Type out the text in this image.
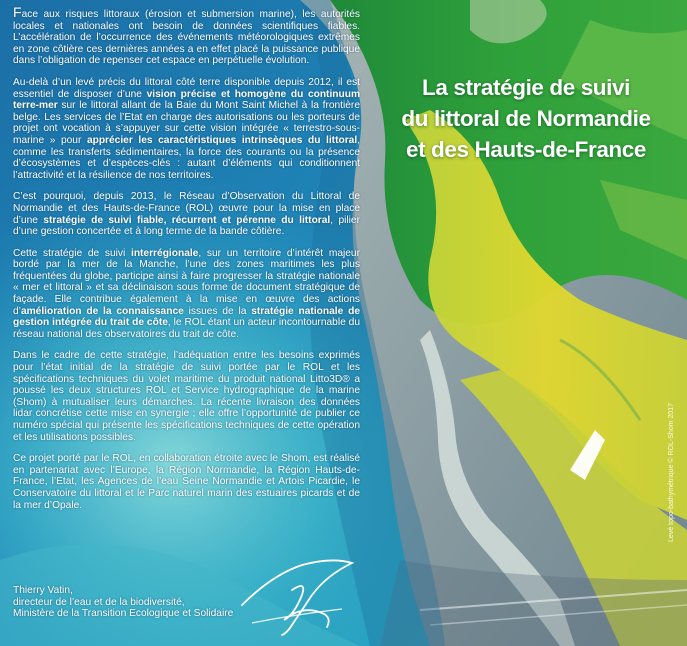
La stratégie de suivi
du littoral de Normandie
et des Hauts-de-France

Face aux risques littoraux (érosion et submersion marine), les autorités locales et nationales ont besoin de données scientifiques fiables. L’accélération de l’occurrence des événements météorologiques extrêmes en zone côtière ces dernières années a en effet placé la puissance publique dans l’obligation de repenser cet espace en perpétuelle évolution.

Au-delà d’un levé précis du littoral côté terre disponible depuis 2012, il est essentiel de disposer d’une vision précise et homogène du continuum terre-mer sur le littoral allant de la Baie du Mont Saint Michel à la frontière belge. Les services de l’Etat en charge des autorisations ou les porteurs de projet ont vocation à s’appuyer sur cette vision intégrée « terrestro-sous-marine » pour apprécier les caractéristiques intrinsèques du littoral, comme les transferts sédimentaires, la force des courants ou la présence d’écosystèmes et d’espèces-clés : autant d’éléments qui conditionnent l’attractivité et la résilience de nos territoires.

C’est pourquoi, depuis 2013, le Réseau d’Observation du Littoral de Normandie et des Hauts-de-France (ROL) œuvre pour la mise en place d’une stratégie de suivi fiable, récurrent et pérenne du littoral, pilier d’une gestion concertée et à long terme de la bande côtière.

Cette stratégie de suivi interrégionale, sur un territoire d’intérêt majeur bordé par la mer de la Manche, l’une des zones maritimes les plus fréquentées du globe, participe ainsi à faire progresser la stratégie nationale « mer et littoral » et sa déclinaison sous forme de document stratégique de façade. Elle contribue également à la mise en œuvre des actions d’amélioration de la connaissance issues de la stratégie nationale de gestion intégrée du trait de côte, le ROL étant un acteur incontournable du réseau national des observatoires du trait de côte.

Dans le cadre de cette stratégie, l’adéquation entre les besoins exprimés pour l’état initial de la stratégie de suivi portée par le ROL et les spécifications techniques du volet maritime du produit national Litto3D® a poussé les deux structures ROL et Service hydrographique de la marine (Shom) à mutualiser leurs démarches. La récente livraison des données lidar concrétise cette mise en synergie ; elle offre l’opportunité de publier ce numéro spécial qui présente les spécifications techniques de cette opération et les utilisations possibles.

Ce projet porté par le ROL, en collaboration étroite avec le Shom, est réalisé en partenariat avec l’Europe, la Région Normandie, la Région Hauts-de-France, l’Etat, les Agences de l’eau Seine Normandie et Artois Picardie, le Conservatoire du littoral et le Parc naturel marin des estuaires picards et de la mer d’Opale.

Thierry Vatin,
directeur de l’eau et de la biodiversité,
Ministère de la Transition Ecologique et Solidaire
Levé topo-bathymétrique © ROL-Shom 2017
